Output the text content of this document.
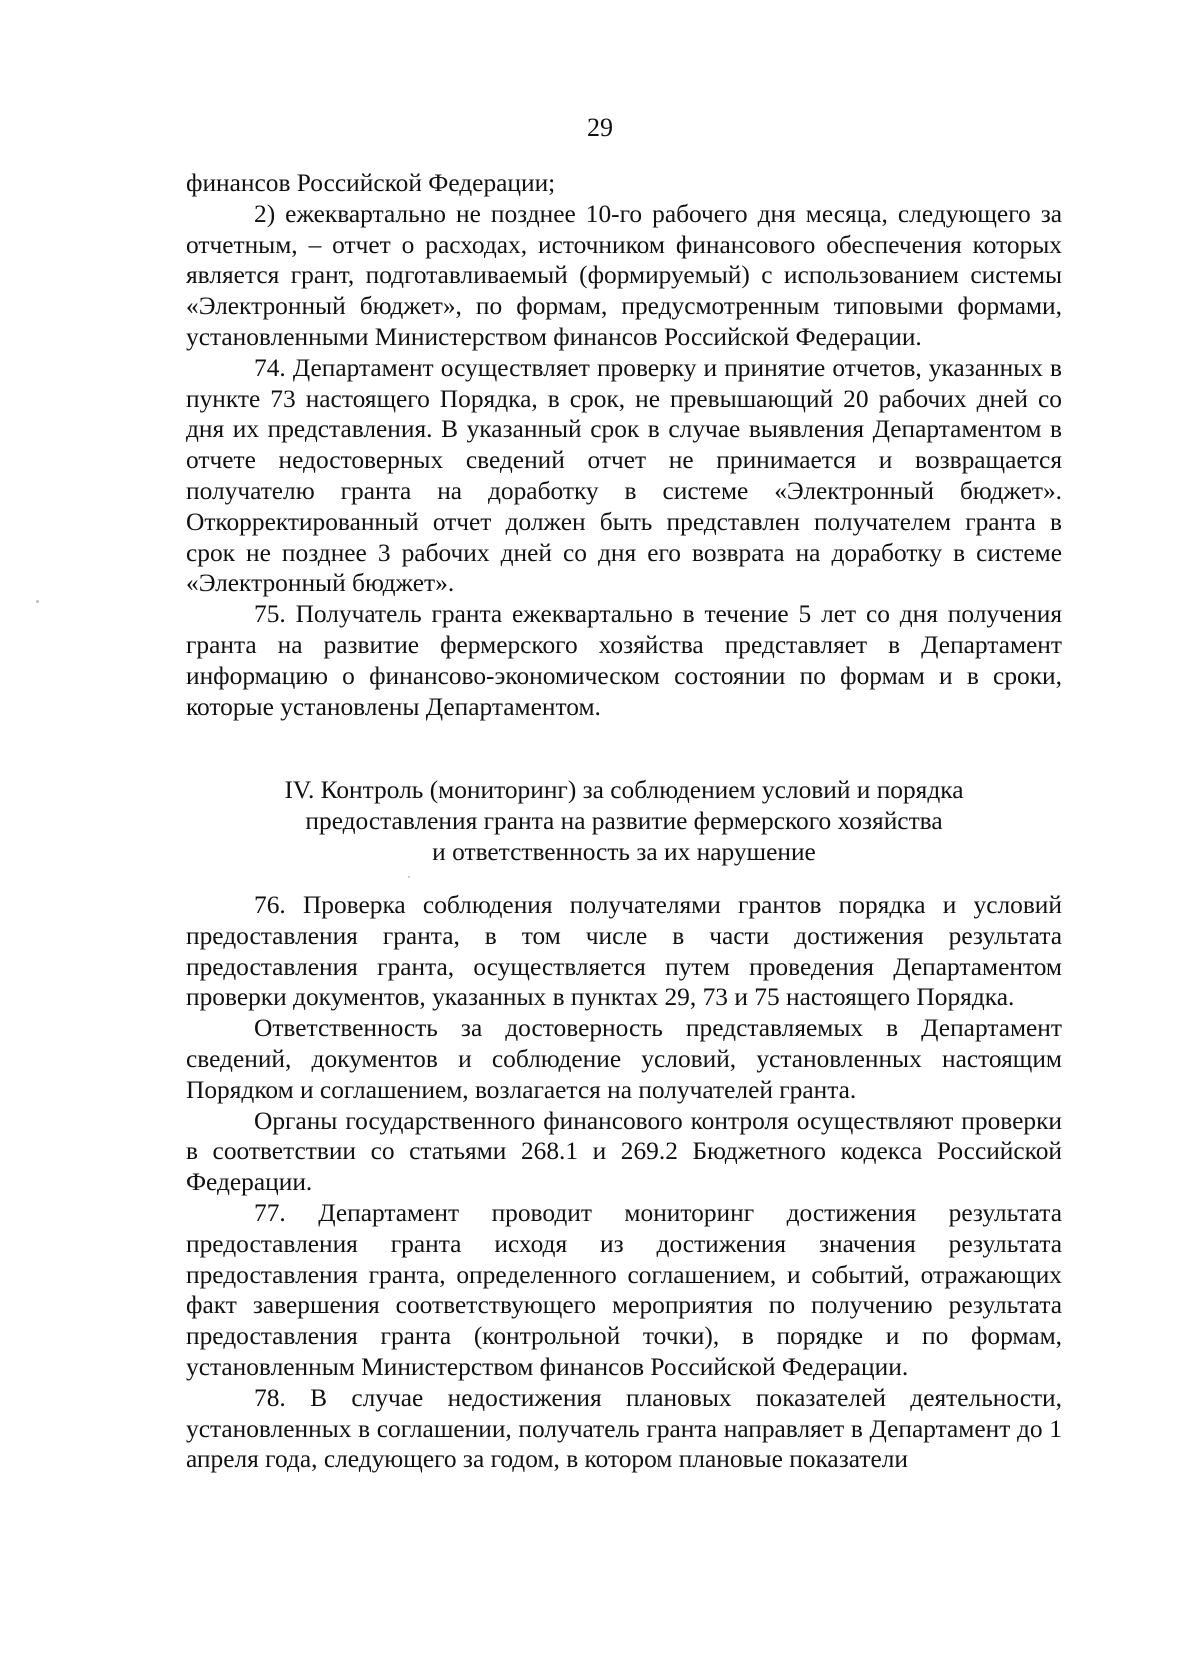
29

финансов Российской Федерации;

2) ежеквартально не позднее 10-го рабочего дня месяца, следующего за отчетным, – отчет о расходах, источником финансового обеспечения которых является грант, подготавливаемый (формируемый) с использованием системы «Электронный бюджет», по формам, предусмотренным типовыми формами, установленными Министерством финансов Российской Федерации.

74. Департамент осуществляет проверку и принятие отчетов, указанных в пункте 73 настоящего Порядка, в срок, не превышающий 20 рабочих дней со дня их представления. В указанный срок в случае выявления Департаментом в отчете недостоверных сведений отчет не принимается и возвращается получателю гранта на доработку в системе «Электронный бюджет». Откорректированный отчет должен быть представлен получателем гранта в срок не позднее 3 рабочих дней со дня его возврата на доработку в системе «Электронный бюджет».

75. Получатель гранта ежеквартально в течение 5 лет со дня получения гранта на развитие фермерского хозяйства представляет в Департамент информацию о финансово-экономическом состоянии по формам и в сроки, которые установлены Департаментом.

IV. Контроль (мониторинг) за соблюдением условий и порядка
предоставления гранта на развитие фермерского хозяйства
и ответственность за их нарушение

76. Проверка соблюдения получателями грантов порядка и условий предоставления гранта, в том числе в части достижения результата предоставления гранта, осуществляется путем проведения Департаментом проверки документов, указанных в пунктах 29, 73 и 75 настоящего Порядка.

Ответственность за достоверность представляемых в Департамент сведений, документов и соблюдение условий, установленных настоящим Порядком и соглашением, возлагается на получателей гранта.

Органы государственного финансового контроля осуществляют проверки в соответствии со статьями 268.1 и 269.2 Бюджетного кодекса Российской Федерации.

77. Департамент проводит мониторинг достижения результата предоставления гранта исходя из достижения значения результата предоставления гранта, определенного соглашением, и событий, отражающих факт завершения соответствующего мероприятия по получению результата предоставления гранта (контрольной точки), в порядке и по формам, установленным Министерством финансов Российской Федерации.

78. В случае недостижения плановых показателей деятельности, установленных в соглашении, получатель гранта направляет в Департамент до 1 апреля года, следующего за годом, в котором плановые показатели
